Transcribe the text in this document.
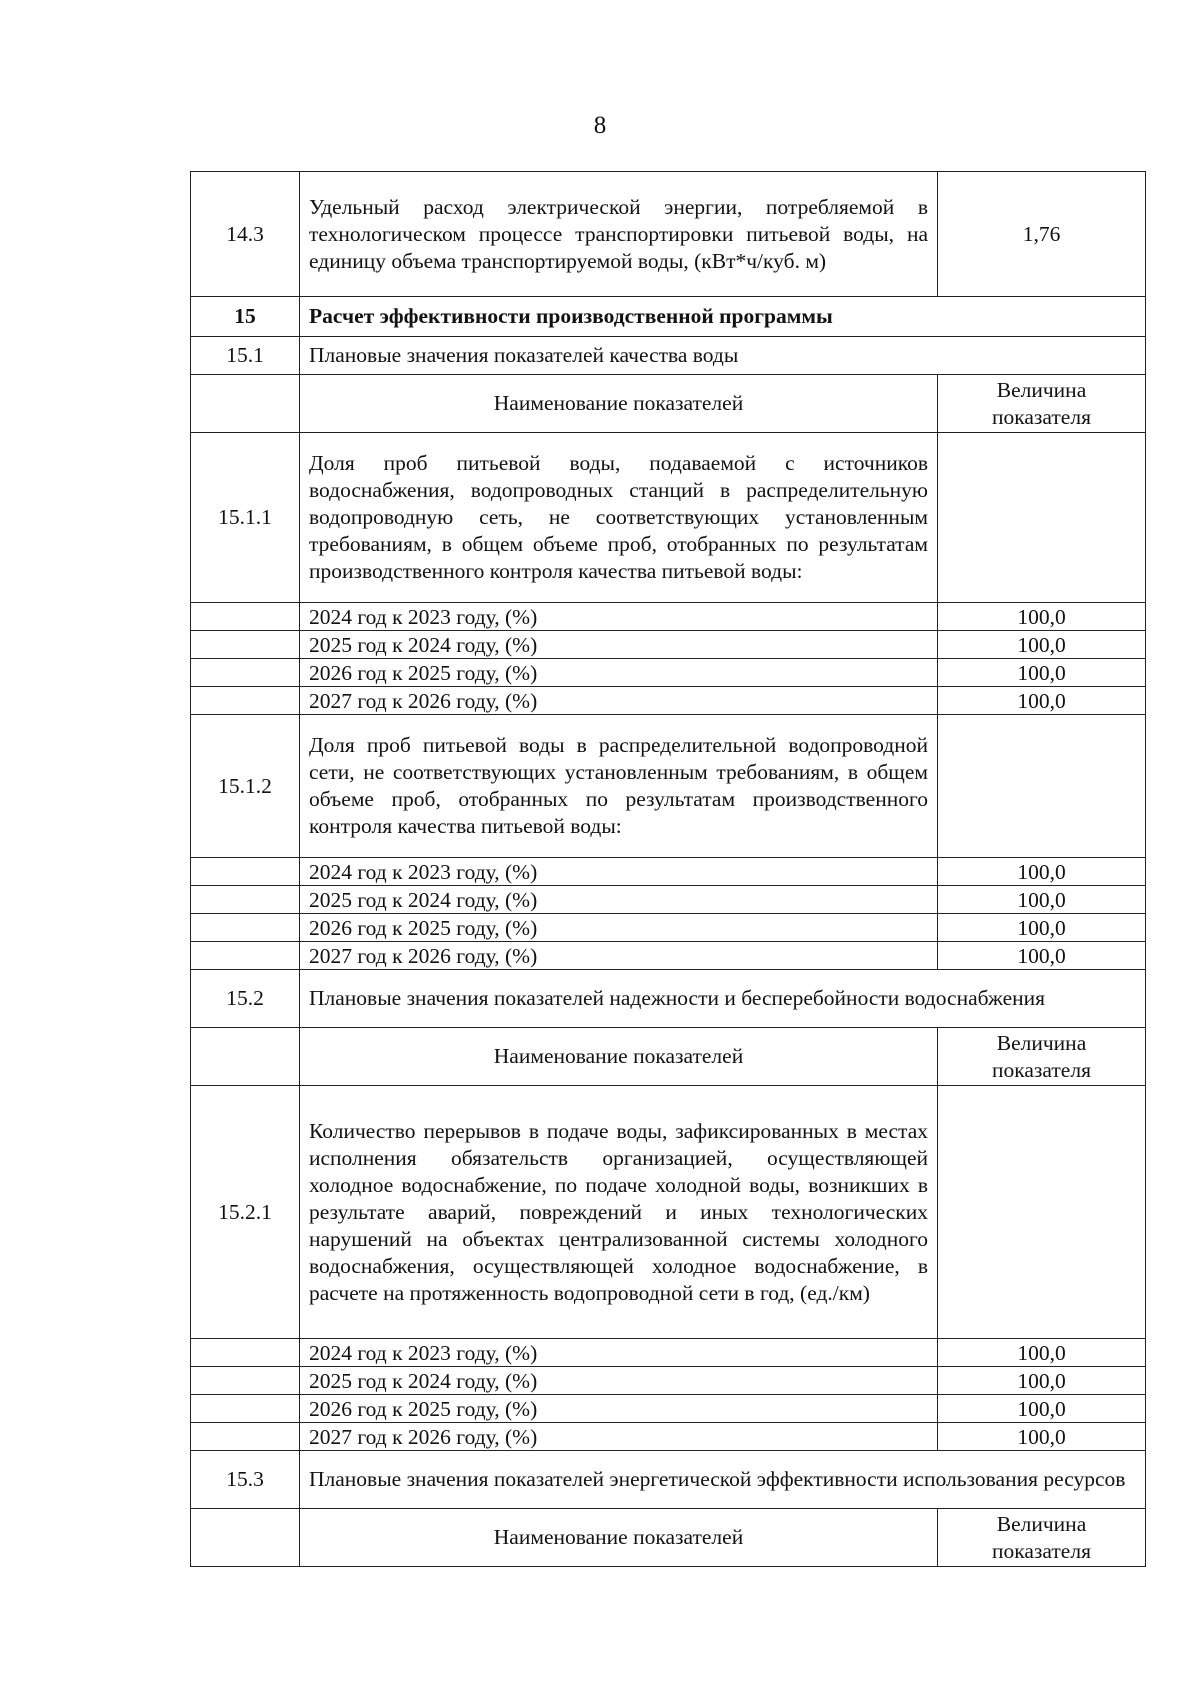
8
14.3	Удельный расход электрической энергии, потребляемой в технологическом процессе транспортировки питьевой воды, на единицу объема транспортируемой воды, (кВт*ч/куб. м)	1,76
15	Расчет эффективности производственной программы	
15.1	Плановые значения показателей качества воды	
	Наименование показателей	Величина показателя
15.1.1	Доля проб питьевой воды, подаваемой с источников водоснабжения, водопроводных станций в распределительную водопроводную сеть, не соответствующих установленным требованиям, в общем объеме проб, отобранных по результатам производственного контроля качества питьевой воды:	
	2024 год к 2023 году, (%)	100,0
	2025 год к 2024 году, (%)	100,0
	2026 год к 2025 году, (%)	100,0
	2027 год к 2026 году, (%)	100,0
15.1.2	Доля проб питьевой воды в распределительной водопроводной сети, не соответствующих установленным требованиям, в общем объеме проб, отобранных по результатам производственного контроля качества питьевой воды:	
	2024 год к 2023 году, (%)	100,0
	2025 год к 2024 году, (%)	100,0
	2026 год к 2025 году, (%)	100,0
	2027 год к 2026 году, (%)	100,0
15.2	Плановые значения показателей надежности и бесперебойности водоснабжения	
	Наименование показателей	Величина показателя
15.2.1	Количество перерывов в подаче воды, зафиксированных в местах исполнения обязательств организацией, осуществляющей холодное водоснабжение, по подаче холодной воды, возникших в результате аварий, повреждений и иных технологических нарушений на объектах централизованной системы холодного водоснабжения, осуществляющей холодное водоснабжение, в расчете на протяженность водопроводной сети в год, (ед./км)	
	2024 год к 2023 году, (%)	100,0
	2025 год к 2024 году, (%)	100,0
	2026 год к 2025 году, (%)	100,0
	2027 год к 2026 году, (%)	100,0
15.3	Плановые значения показателей энергетической эффективности использования ресурсов	
	Наименование показателей	Величина показателя
